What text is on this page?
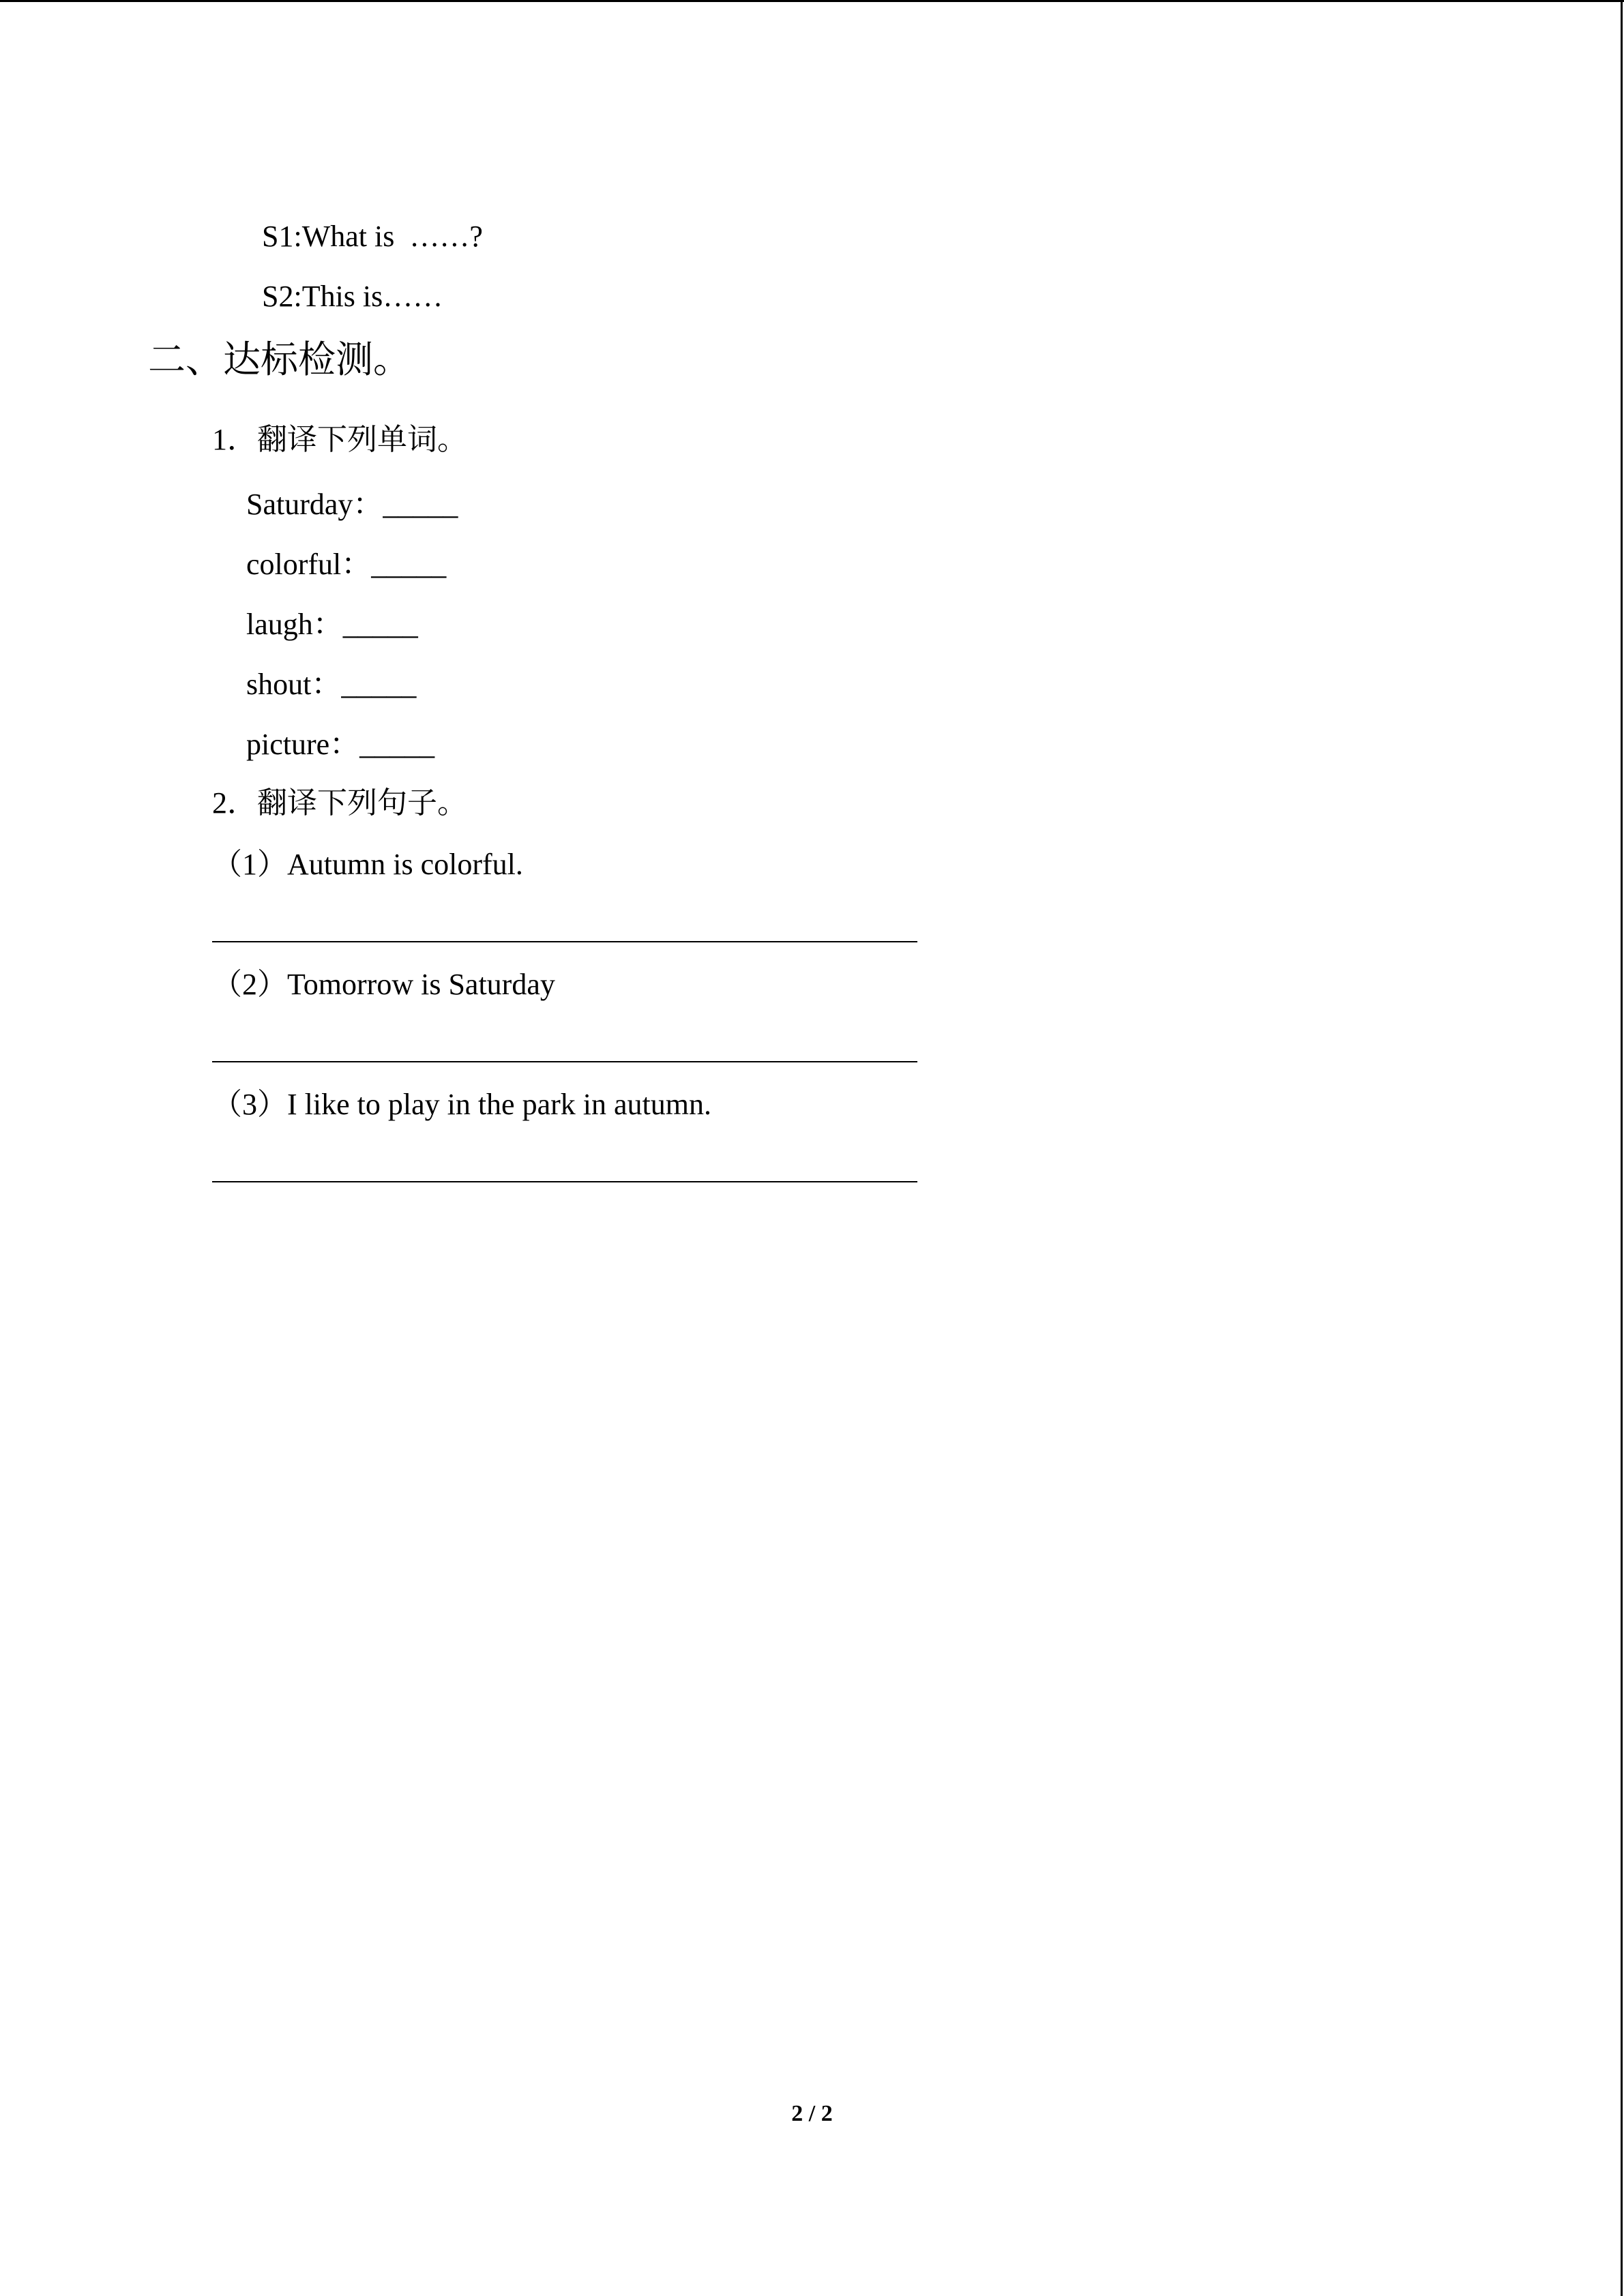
S1:What is  ……?
S2:This is……
二、达标检测。
1．翻译下列单词。
Saturday：_____
colorful：_____
laugh：_____
shout：_____
picture：_____
2．翻译下列句子。
（1）Autumn is colorful.
（2）Tomorrow is Saturday
（3）I like to play in the park in autumn.
2 / 2
